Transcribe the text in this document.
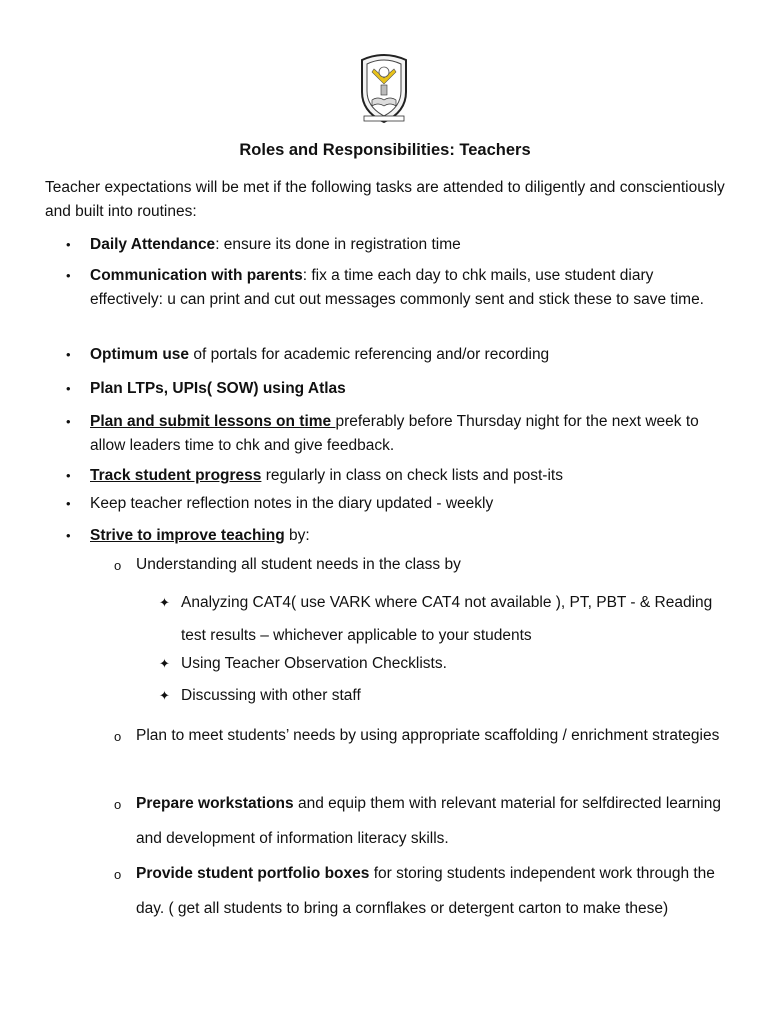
Roles and Responsibilities: Teachers
Teacher expectations will be met if the following tasks are attended to diligently and conscientiously and built into routines:
• Daily Attendance: ensure its done in registration time
• Communication with parents: fix a time each day to chk mails, use student diary effectively: u can print and cut out messages commonly sent and stick these to save time.
• Optimum use of portals for academic referencing and/or recording
• Plan LTPs, UPIs( SOW) using Atlas
• Plan and submit lessons on time preferably before Thursday night for the next week to allow leaders time to chk and give feedback.
• Track student progress regularly in class on check lists and post-its
• Keep teacher reflection notes in the diary updated - weekly
• Strive to improve teaching by:
o Understanding all student needs in the class by
✦ Analyzing CAT4( use VARK where CAT4 not available ), PT, PBT - & Reading test results – whichever applicable to your students
✦ Using Teacher Observation Checklists.
✦ Discussing with other staff
o Plan to meet students’ needs by using appropriate scaffolding / enrichment strategies
o Prepare workstations and equip them with relevant material for selfdirected learning and development of information literacy skills.
o Provide student portfolio boxes for storing students independent work through the day. ( get all students to bring a cornflakes or detergent carton to make these)
